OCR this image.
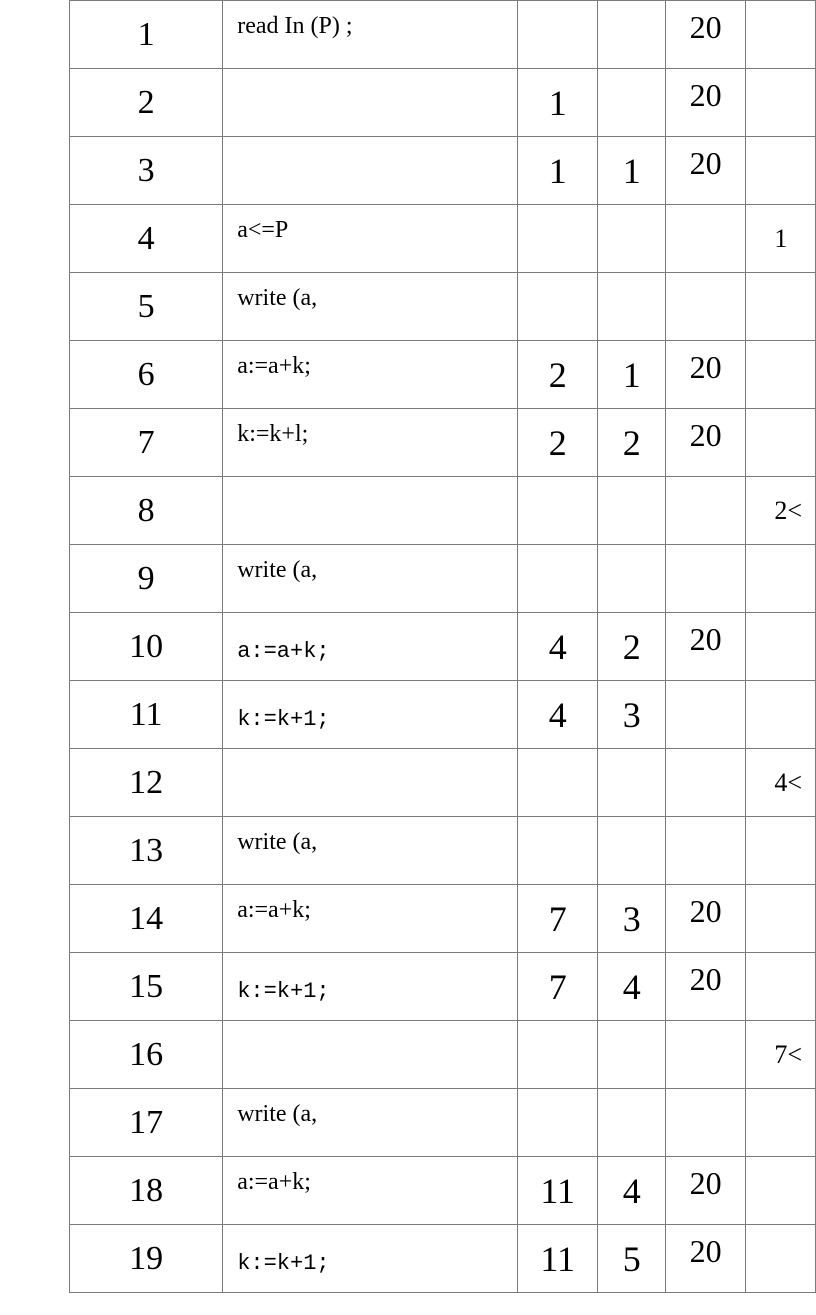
1	read In (P) ;			20	
2		1		20	
3		1	1	20	
4	a<=P				1
5	write (a,				
6	a:=a+k;	2	1	20	
7	k:=k+l;	2	2	20	
8					2<
9	write (a,				
10	a:=a+k;	4	2	20	
11	k:=k+1;	4	3		
12					4<
13	write (a,				
14	a:=a+k;	7	3	20	
15	k:=k+1;	7	4	20	
16					7<
17	write (a,				
18	a:=a+k;	11	4	20	
19	k:=k+1;	11	5	20	
